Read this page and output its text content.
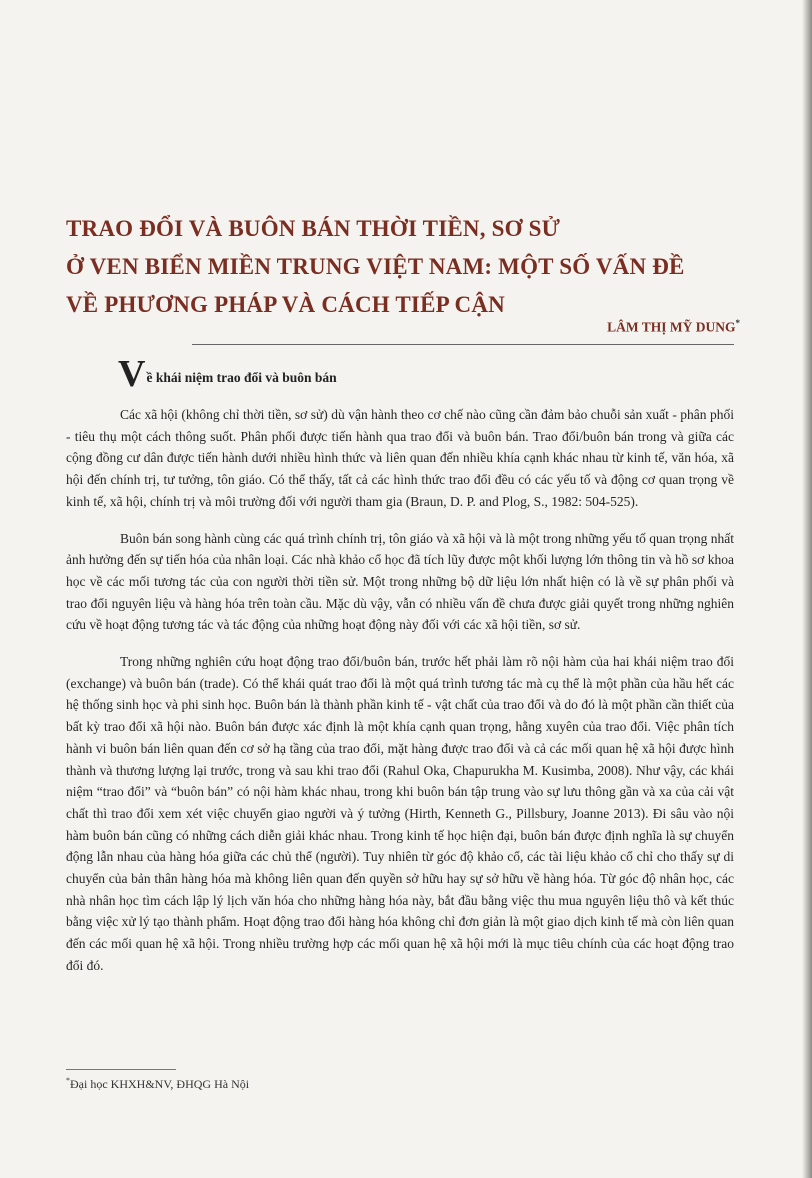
TRAO ĐỔI VÀ BUÔN BÁN THỜI TIỀN, SƠ SỬ
Ở VEN BIỂN MIỀN TRUNG VIỆT NAM: MỘT SỐ VẤN ĐỀ
VỀ PHƯƠNG PHÁP VÀ CÁCH TIẾP CẬN
LÂM THỊ MỸ DUNG*
Về khái niệm trao đổi và buôn bán

Các xã hội (không chỉ thời tiền, sơ sử) dù vận hành theo cơ chế nào cũng cần đảm bảo chuỗi sản xuất - phân phối - tiêu thụ một cách thông suốt. Phân phối được tiến hành qua trao đổi và buôn bán. Trao đổi/buôn bán trong và giữa các cộng đồng cư dân được tiến hành dưới nhiều hình thức và liên quan đến nhiều khía cạnh khác nhau từ kinh tế, văn hóa, xã hội đến chính trị, tư tưởng, tôn giáo. Có thể thấy, tất cả các hình thức trao đổi đều có các yếu tố và động cơ quan trọng về kinh tế, xã hội, chính trị và môi trường đối với người tham gia (Braun, D. P. and Plog, S., 1982: 504-525).

Buôn bán song hành cùng các quá trình chính trị, tôn giáo và xã hội và là một trong những yếu tố quan trọng nhất ảnh hưởng đến sự tiến hóa của nhân loại. Các nhà khảo cổ học đã tích lũy được một khối lượng lớn thông tin và hồ sơ khoa học về các mối tương tác của con người thời tiền sử. Một trong những bộ dữ liệu lớn nhất hiện có là về sự phân phối và trao đổi nguyên liệu và hàng hóa trên toàn cầu. Mặc dù vậy, vẫn có nhiều vấn đề chưa được giải quyết trong những nghiên cứu về hoạt động tương tác và tác động của những hoạt động này đối với các xã hội tiền, sơ sử.

Trong những nghiên cứu hoạt động trao đổi/buôn bán, trước hết phải làm rõ nội hàm của hai khái niệm trao đổi (exchange) và buôn bán (trade). Có thể khái quát trao đổi là một quá trình tương tác mà cụ thể là một phần của hầu hết các hệ thống sinh học và phi sinh học. Buôn bán là thành phần kinh tế - vật chất của trao đổi và do đó là một phần cần thiết của bất kỳ trao đổi xã hội nào. Buôn bán được xác định là một khía cạnh quan trọng, hằng xuyên của trao đổi. Việc phân tích hành vi buôn bán liên quan đến cơ sở hạ tầng của trao đổi, mặt hàng được trao đổi và cả các mối quan hệ xã hội được hình thành và thương lượng lại trước, trong và sau khi trao đổi (Rahul Oka, Chapurukha M. Kusimba, 2008). Như vậy, các khái niệm “trao đổi” và “buôn bán” có nội hàm khác nhau, trong khi buôn bán tập trung vào sự lưu thông gần và xa của cải vật chất thì trao đổi xem xét việc chuyển giao người và ý tưởng (Hirth, Kenneth G., Pillsbury, Joanne 2013). Đi sâu vào nội hàm buôn bán cũng có những cách diễn giải khác nhau. Trong kinh tế học hiện đại, buôn bán được định nghĩa là sự chuyển động lẫn nhau của hàng hóa giữa các chủ thể (người). Tuy nhiên từ góc độ khảo cổ, các tài liệu khảo cổ chỉ cho thấy sự di chuyển của bản thân hàng hóa mà không liên quan đến quyền sở hữu hay sự sở hữu về hàng hóa. Từ góc độ nhân học, các nhà nhân học tìm cách lập lý lịch văn hóa cho những hàng hóa này, bắt đầu bằng việc thu mua nguyên liệu thô và kết thúc bằng việc xử lý tạo thành phẩm. Hoạt động trao đổi hàng hóa không chỉ đơn giản là một giao dịch kinh tế mà còn liên quan đến các mối quan hệ xã hội. Trong nhiều trường hợp các mối quan hệ xã hội mới là mục tiêu chính của các hoạt động trao đổi đó.

*Đại học KHXH&NV, ĐHQG Hà Nội
